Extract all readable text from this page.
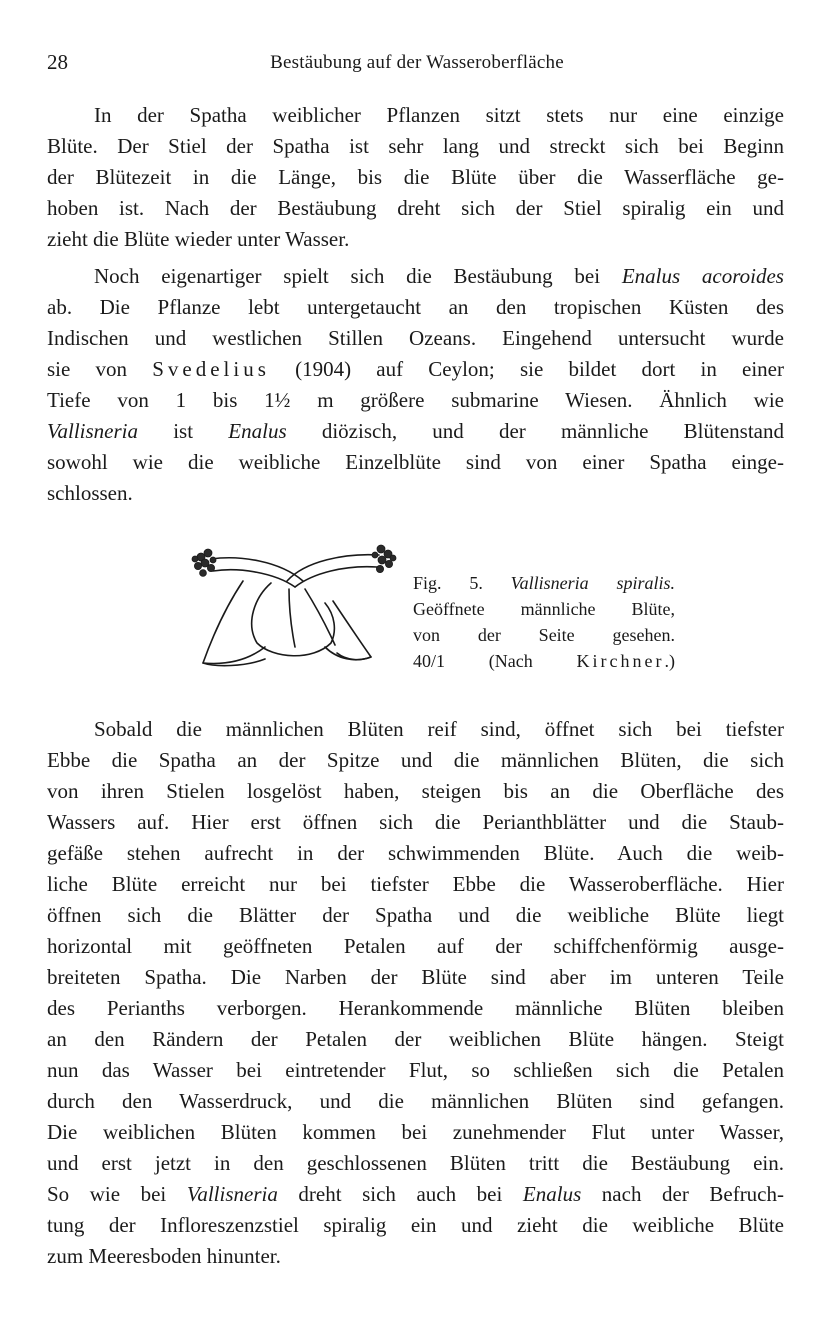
28	Bestäubung auf der Wasseroberfläche

In der Spatha weiblicher Pflanzen sitzt stets nur eine einzige
Blüte. Der Stiel der Spatha ist sehr lang und streckt sich bei Beginn
der Blütezeit in die Länge, bis die Blüte über die Wasserfläche ge-
hoben ist. Nach der Bestäubung dreht sich der Stiel spiralig ein und
zieht die Blüte wieder unter Wasser.

Noch eigenartiger spielt sich die Bestäubung bei Enalus acoroides
ab. Die Pflanze lebt untergetaucht an den tropischen Küsten des
Indischen und westlichen Stillen Ozeans. Eingehend untersucht wurde
sie von Svedelius (1904) auf Ceylon; sie bildet dort in einer
Tiefe von 1 bis 1½ m größere submarine Wiesen. Ähnlich wie
Vallisneria ist Enalus diözisch, und der männliche Blütenstand
sowohl wie die weibliche Einzelblüte sind von einer Spatha einge-
schlossen.

Fig. 5. Vallisneria spiralis.
Geöffnete männliche Blüte,
von der Seite gesehen.
40/1 (Nach Kirchner.)

Sobald die männlichen Blüten reif sind, öffnet sich bei tiefster
Ebbe die Spatha an der Spitze und die männlichen Blüten, die sich
von ihren Stielen losgelöst haben, steigen bis an die Oberfläche des
Wassers auf. Hier erst öffnen sich die Perianthblätter und die Staub-
gefäße stehen aufrecht in der schwimmenden Blüte. Auch die weib-
liche Blüte erreicht nur bei tiefster Ebbe die Wasseroberfläche. Hier
öffnen sich die Blätter der Spatha und die weibliche Blüte liegt
horizontal mit geöffneten Petalen auf der schiffchenförmig ausge-
breiteten Spatha. Die Narben der Blüte sind aber im unteren Teile
des Perianths verborgen. Herankommende männliche Blüten bleiben
an den Rändern der Petalen der weiblichen Blüte hängen. Steigt
nun das Wasser bei eintretender Flut, so schließen sich die Petalen
durch den Wasserdruck, und die männlichen Blüten sind gefangen.
Die weiblichen Blüten kommen bei zunehmender Flut unter Wasser,
und erst jetzt in den geschlossenen Blüten tritt die Bestäubung ein.
So wie bei Vallisneria dreht sich auch bei Enalus nach der Befruch-
tung der Infloreszenzstiel spiralig ein und zieht die weibliche Blüte
zum Meeresboden hinunter.
